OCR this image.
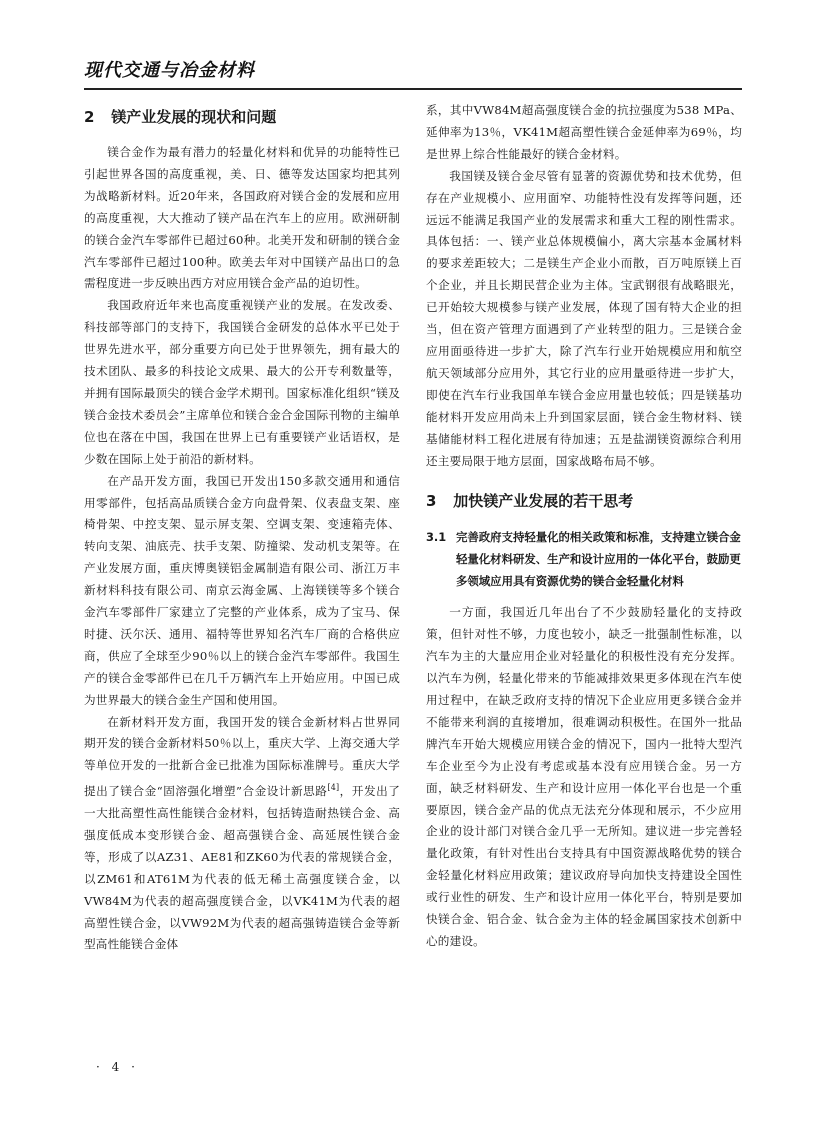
现代交通与冶金材料
2 镁产业发展的现状和问题

镁合金作为最有潜力的轻量化材料和优异的功能特性已引起世界各国的高度重视，美、日、德等发达国家均把其列为战略新材料。近20年来，各国政府对镁合金的发展和应用的高度重视，大大推动了镁产品在汽车上的应用。欧洲研制的镁合金汽车零部件已超过60种。北美开发和研制的镁合金汽车零部件已超过100种。欧美去年对中国镁产品出口的急需程度进一步反映出西方对应用镁合金产品的迫切性。

我国政府近年来也高度重视镁产业的发展。在发改委、科技部等部门的支持下，我国镁合金研发的总体水平已处于世界先进水平，部分重要方向已处于世界领先，拥有最大的技术团队、最多的科技论文成果、最大的公开专利数量等，并拥有国际最顶尖的镁合金学术期刊。国家标准化组织“镁及镁合金技术委员会”主席单位和镁合金合金国际刊物的主编单位也在落在中国，我国在世界上已有重要镁产业话语权，是少数在国际上处于前沿的新材料。

在产品开发方面，我国已开发出150多款交通用和通信用零部件，包括高品质镁合金方向盘骨架、仪表盘支架、座椅骨架、中控支架、显示屏支架、空调支架、变速箱壳体、转向支架、油底壳、扶手支架、防撞梁、发动机支架等。在产业发展方面，重庆博奥镁铝金属制造有限公司、浙江万丰新材料科技有限公司、南京云海金属、上海镁镁等多个镁合金汽车零部件厂家建立了完整的产业体系，成为了宝马、保时捷、沃尔沃、通用、福特等世界知名汽车厂商的合格供应商，供应了全球至少90％以上的镁合金汽车零部件。我国生产的镁合金零部件已在几千万辆汽车上开始应用。中国已成为世界最大的镁合金生产国和使用国。

在新材料开发方面，我国开发的镁合金新材料占世界同期开发的镁合金新材料50％以上，重庆大学、上海交通大学等单位开发的一批新合金已批准为国际标准牌号。重庆大学提出了镁合金“固溶强化增塑”合金设计新思路[4]，开发出了一大批高塑性高性能镁合金材料，包括铸造耐热镁合金、高强度低成本变形镁合金、超高强镁合金、高延展性镁合金等，形成了以AZ31、AE81和ZK60为代表的常规镁合金，以ZM61和AT61M为代表的低无稀土高强度镁合金，以VW84M为代表的超高强度镁合金，以VK41M为代表的超高塑性镁合金，以VW92M为代表的超高强铸造镁合金等新型高性能镁合金体

系，其中VW84M超高强度镁合金的抗拉强度为538 MPa、延伸率为13％，VK41M超高塑性镁合金延伸率为69％，均是世界上综合性能最好的镁合金材料。

我国镁及镁合金尽管有显著的资源优势和技术优势，但存在产业规模小、应用面窄、功能特性没有发挥等问题，还远远不能满足我国产业的发展需求和重大工程的刚性需求。具体包括：一、镁产业总体规模偏小，离大宗基本金属材料的要求差距较大；二是镁生产企业小而散，百万吨原镁上百个企业，并且长期民营企业为主体。宝武钢很有战略眼光，已开始较大规模参与镁产业发展，体现了国有特大企业的担当，但在资产管理方面遇到了产业转型的阻力。三是镁合金应用面亟待进一步扩大，除了汽车行业开始规模应用和航空航天领域部分应用外，其它行业的应用量亟待进一步扩大，即使在汽车行业我国单车镁合金应用量也较低；四是镁基功能材料开发应用尚未上升到国家层面，镁合金生物材料、镁基储能材料工程化进展有待加速；五是盐湖镁资源综合利用还主要局限于地方层面，国家战略布局不够。

3 加快镁产业发展的若干思考
3.1 完善政府支持轻量化的相关政策和标准，支持建立镁合金轻量化材料研发、生产和设计应用的一体化平台，鼓励更多领域应用具有资源优势的镁合金轻量化材料

一方面，我国近几年出台了不少鼓励轻量化的支持政策，但针对性不够，力度也较小，缺乏一批强制性标准，以汽车为主的大量应用企业对轻量化的积极性没有充分发挥。以汽车为例，轻量化带来的节能减排效果更多体现在汽车使用过程中，在缺乏政府支持的情况下企业应用更多镁合金并不能带来利润的直接增加，很难调动积极性。在国外一批品牌汽车开始大规模应用镁合金的情况下，国内一批特大型汽车企业至今为止没有考虑或基本没有应用镁合金。另一方面，缺乏材料研发、生产和设计应用一体化平台也是一个重要原因，镁合金产品的优点无法充分体现和展示，不少应用企业的设计部门对镁合金几乎一无所知。建议进一步完善轻量化政策，有针对性出台支持具有中国资源战略优势的镁合金轻量化材料应用政策；建议政府导向加快支持建设全国性或行业性的研发、生产和设计应用一体化平台，特别是要加快镁合金、铝合金、钛合金为主体的轻金属国家技术创新中心的建设。

· 4 ·
